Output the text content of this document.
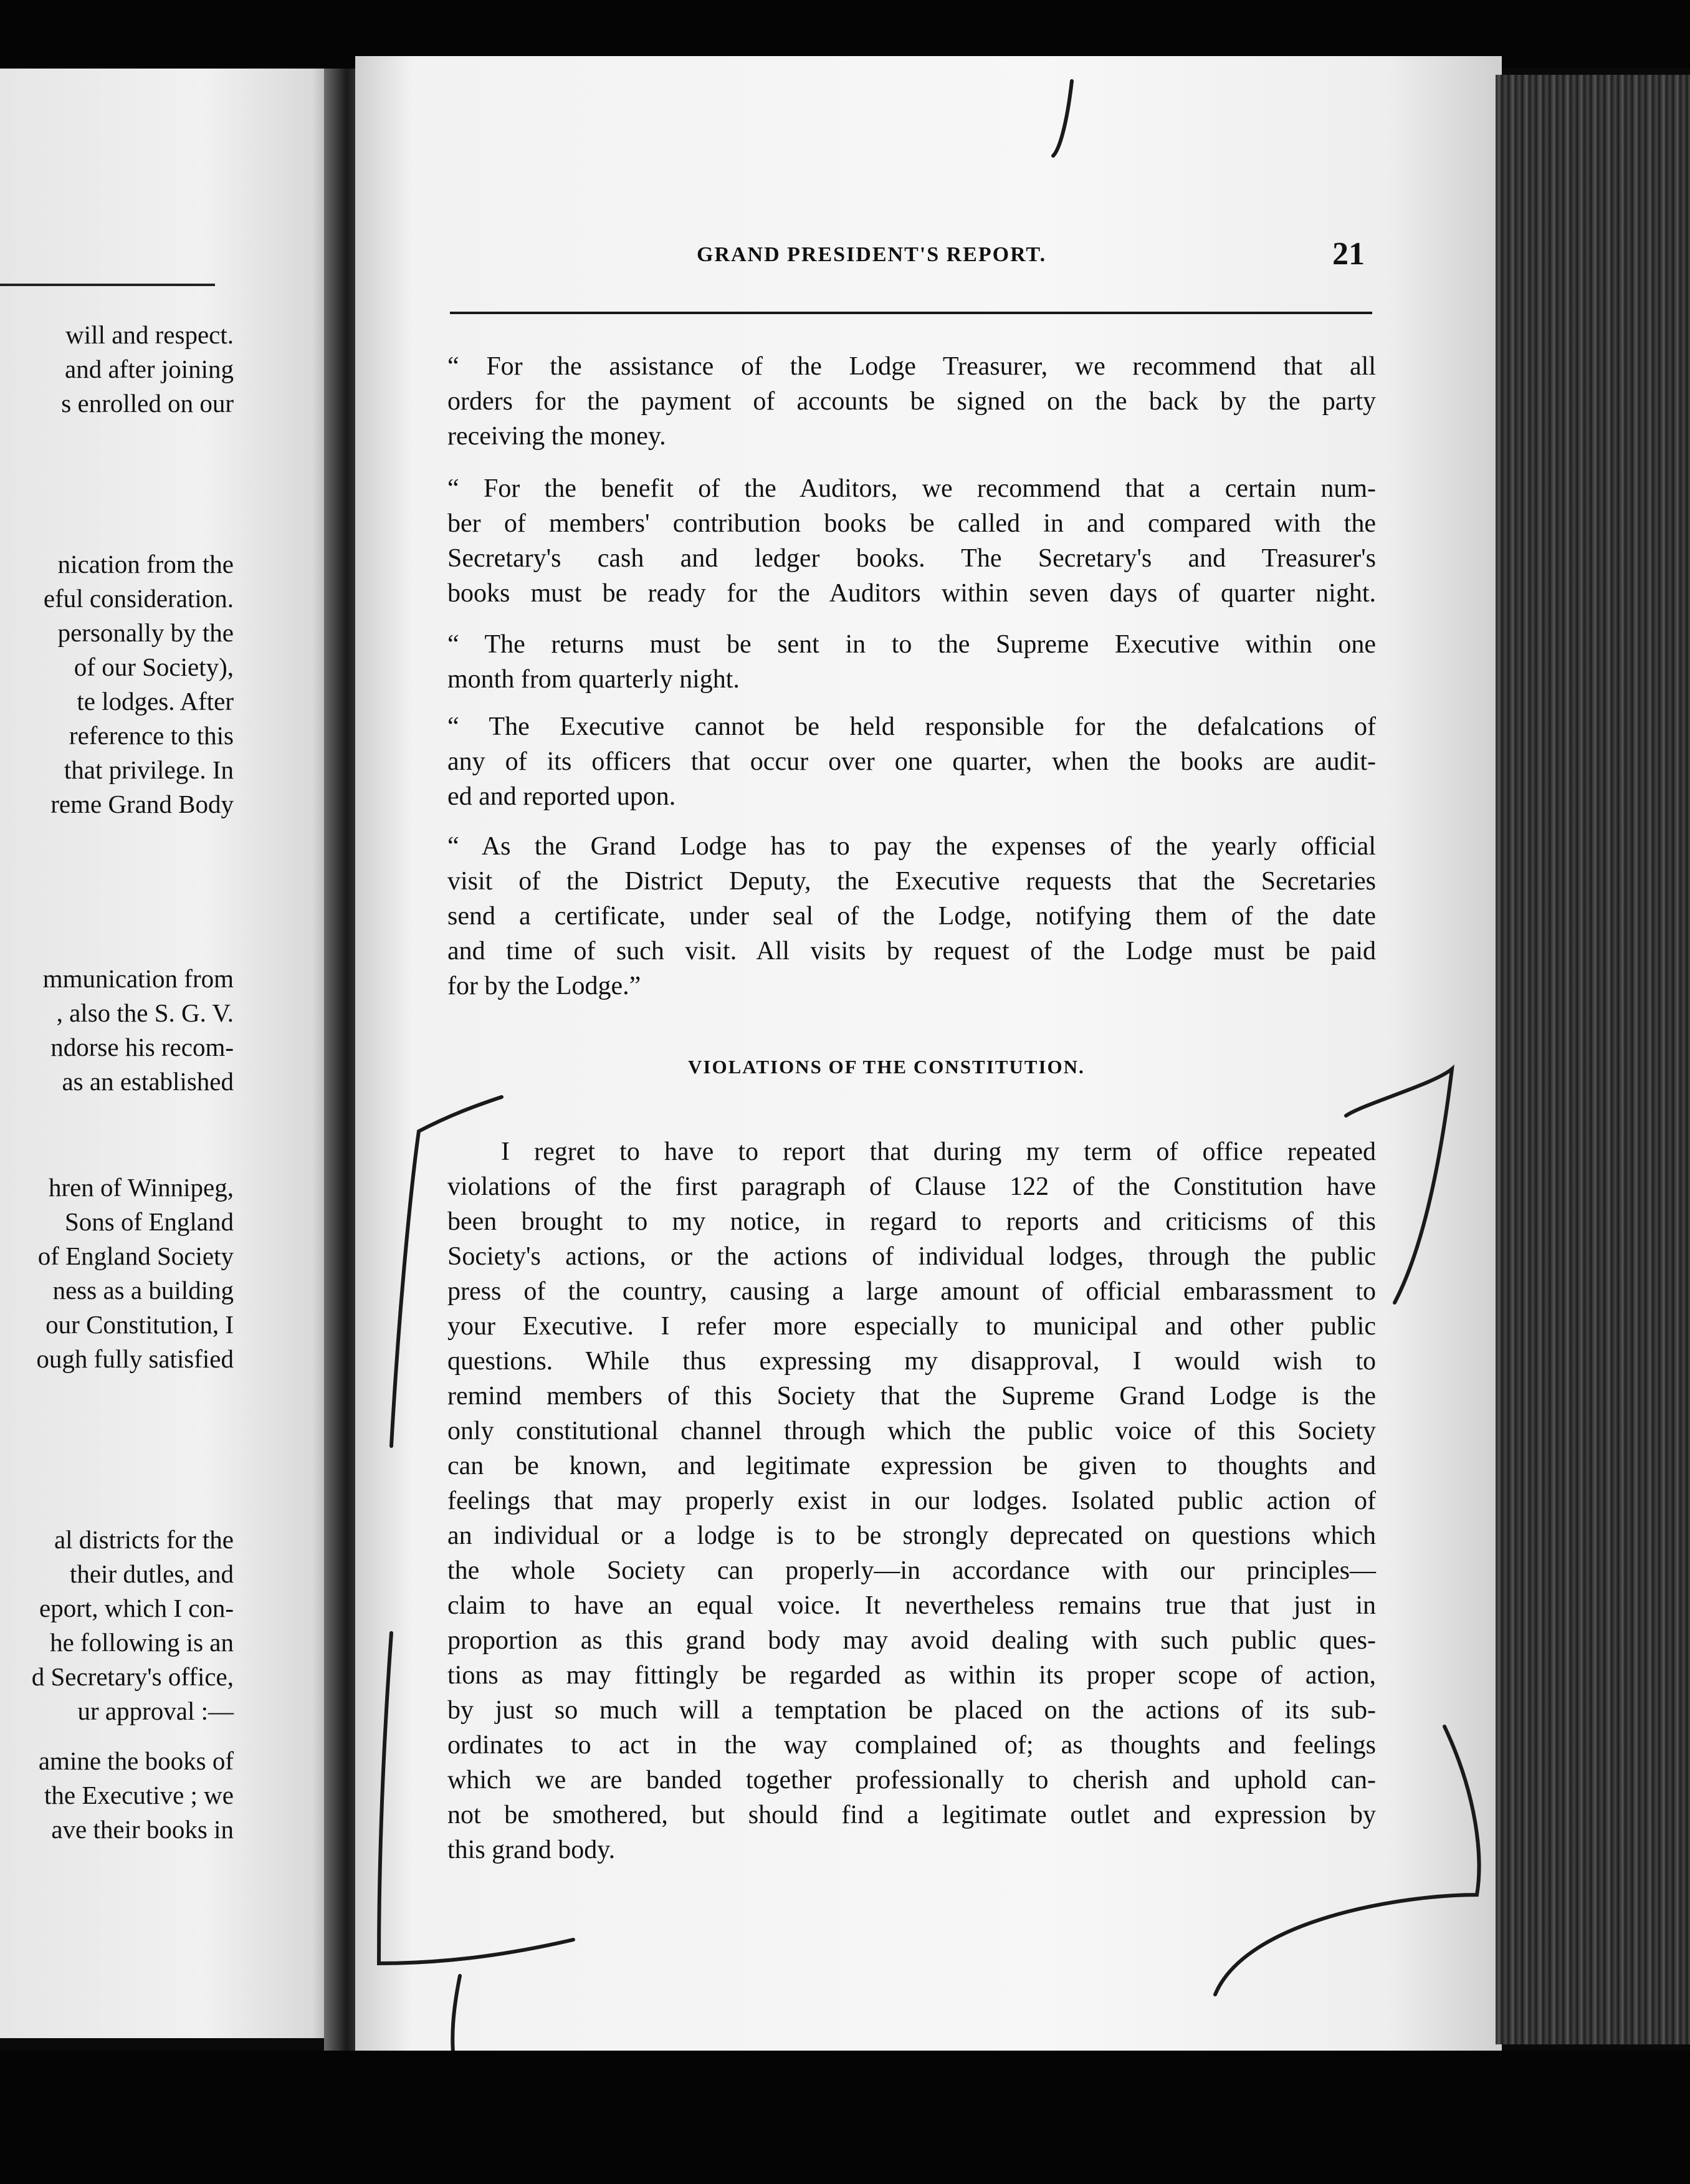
will and respect.
and after joining
s enrolled on our
nication from the
eful consideration.
personally by the
of our Society),
te lodges. After
reference to this
that privilege. In
reme Grand Body
mmunication from
, also the S. G. V.
ndorse his recom-
as an established
hren of Winnipeg,
Sons of England
of England Society
ness as a building
our Constitution, I
ough fully satisfied
al districts for the
their dutles, and
eport, which I con-
he following is an
d Secretary's office,
ur approval :—
amine the books of
the Executive ; we
ave their books in
GRAND PRESIDENT'S REPORT.	21
“ For the assistance of the Lodge Treasurer, we recommend that all
orders for the payment of accounts be signed on the back by the party
receiving the money.
“ For the benefit of the Auditors, we recommend that a certain num-
ber of members' contribution books be called in and compared with the
Secretary's cash and ledger books. The Secretary's and Treasurer's
books must be ready for the Auditors within seven days of quarter night.
“ The returns must be sent in to the Supreme Executive within one
month from quarterly night.
“ The Executive cannot be held responsible for the defalcations of
any of its officers that occur over one quarter, when the books are audit-
ed and reported upon.
“ As the Grand Lodge has to pay the expenses of the yearly official
visit of the District Deputy, the Executive requests that the Secretaries
send a certificate, under seal of the Lodge, notifying them of the date
and time of such visit. All visits by request of the Lodge must be paid
for by the Lodge.”
VIOLATIONS OF THE CONSTITUTION.
I regret to have to report that during my term of office repeated
violations of the first paragraph of Clause 122 of the Constitution have
been brought to my notice, in regard to reports and criticisms of this
Society's actions, or the actions of individual lodges, through the public
press of the country, causing a large amount of official embarassment to
your Executive. I refer more especially to municipal and other public
questions. While thus expressing my disapproval, I would wish to
remind members of this Society that the Supreme Grand Lodge is the
only constitutional channel through which the public voice of this Society
can be known, and legitimate expression be given to thoughts and
feelings that may properly exist in our lodges. Isolated public action of
an individual or a lodge is to be strongly deprecated on questions which
the whole Society can properly—in accordance with our principles—
claim to have an equal voice. It nevertheless remains true that just in
proportion as this grand body may avoid dealing with such public ques-
tions as may fittingly be regarded as within its proper scope of action,
by just so much will a temptation be placed on the actions of its sub-
ordinates to act in the way complained of; as thoughts and feelings
which we are banded together professionally to cherish and uphold can-
not be smothered, but should find a legitimate outlet and expression by
this grand body.
